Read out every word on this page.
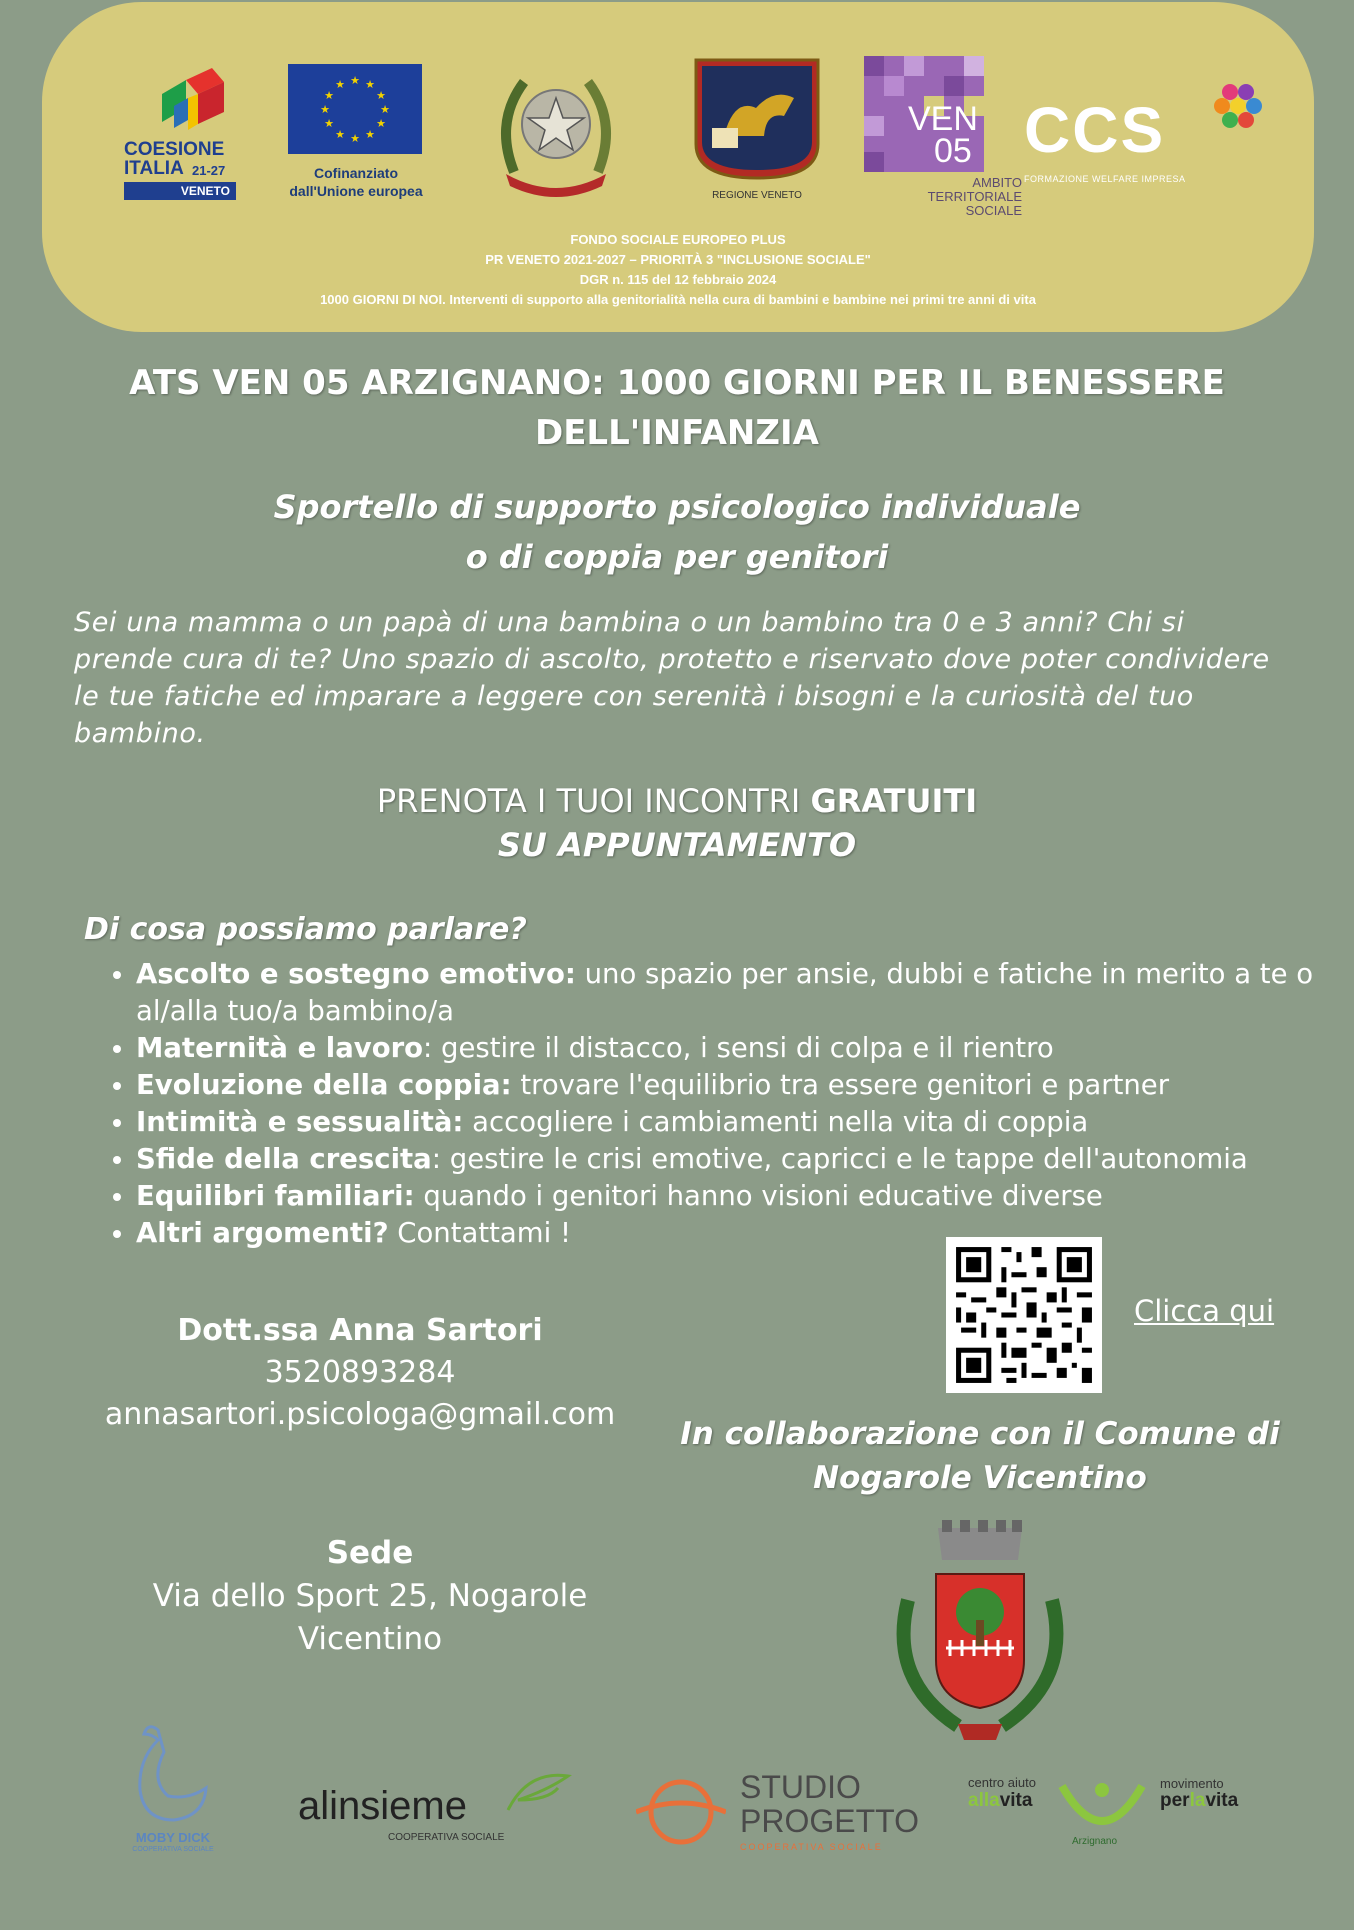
COESIONE
ITALIA 21-27
VENETO
★ ★
★
★
★
★
★
★
★
★
★
★
Cofinanziato
dall'Unione europea	REGIONE VENETO
VEN
05
AMBITO
TERRITORIALE
SOCIALE
CCS
FORMAZIONE WELFARE IMPRESA
FONDO SOCIALE EUROPEO PLUS
PR VENETO 2021-2027 – PRIORITÀ 3 "INCLUSIONE SOCIALE"
DGR n. 115 del 12 febbraio 2024
1000 GIORNI DI NOI. Interventi di supporto alla genitorialità nella cura di bambini e bambine nei primi tre anni di vita
ATS VEN 05 ARZIGNANO: 1000 GIORNI PER IL BENESSERE
DELL'INFANZIA
Sportello di supporto psicologico individuale
o di coppia per genitori
Sei una mamma o un papà di una bambina o un bambino tra 0 e 3 anni? Chi si prende cura di te? Uno spazio di ascolto, protetto e riservato dove poter condividere le tue fatiche ed imparare a leggere con serenità i bisogni e la curiosità del tuo bambino.
PRENOTA I TUOI INCONTRI GRATUITI
SU APPUNTAMENTO
Di cosa possiamo parlare?
• Ascolto e sostegno emotivo: uno spazio per ansie, dubbi e fatiche in merito a te o al/alla tuo/a bambino/a
• Maternità e lavoro: gestire il distacco, i sensi di colpa e il rientro
• Evoluzione della coppia: trovare l'equilibrio tra essere genitori e partner
• Intimità e sessualità: accogliere i cambiamenti nella vita di coppia
• Sfide della crescita: gestire le crisi emotive, capricci e le tappe dell'autonomia
• Equilibri familiari: quando i genitori hanno visioni educative diverse
• Altri argomenti? Contattami !
Dott.ssa Anna Sartori
3520893284
annasartori.psicologa@gmail.com
Clicca qui
In collaborazione con il Comune di
Nogarole Vicentino
Sede
Via dello Sport 25, Nogarole
Vicentino
MOBY DICK
COOPERATIVA SOCIALE
alinsieme
COOPERATIVA SOCIALE
STUDIO
PROGETTO
COOPERATIVA SOCIALE
centro aiuto
allavita
Arzignano
movimento
perlavita
